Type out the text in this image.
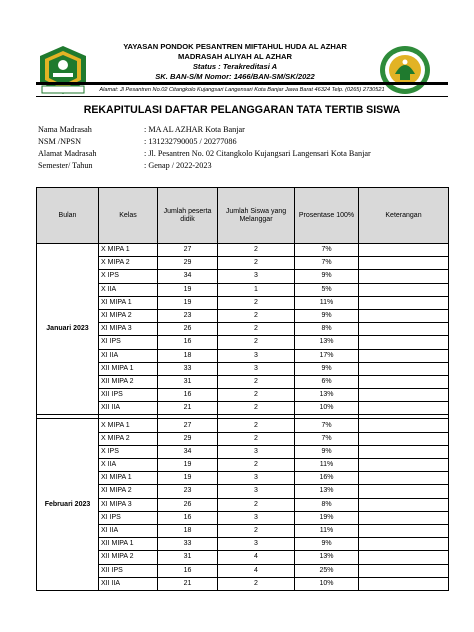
YAYASAN PONDOK PESANTREN MIFTAHUL HUDA AL AZHAR
MADRASAH ALIYAH AL AZHAR
Status : Terakreditasi A
SK. BAN-S/M Nomor: 1466/BAN-SM/SK/2022
Alamat: Jl Pesantren No.02 Citangkolo Kujangsari Langensari Kota Banjar Jawa Barat 46324 Telp. (0265) 2730521
REKAPITULASI DAFTAR PELANGGARAN TATA TERTIB SISWA
Nama Madrasah	: MA AL AZHAR Kota Banjar
NSM /NPSN	: 131232790005 / 20277086
Alamat Madrasah	: Jl. Pesantren No. 02 Citangkolo Kujangsari Langensari Kota Banjar
Semester/ Tahun	: Genap / 2022-2023
Bulan	Kelas	Jumlah peserta didik	Jumlah Siswa yang Melanggar	Prosentase 100%	Keterangan
Januari 2023	X MIPA 1	27	2	7%	
	X MIPA 2	29	2	7%	
	X IPS	34	3	9%	
	X IIA	19	1	5%	
	XI MIPA 1	19	2	11%	
	XI MIPA 2	23	2	9%	
	XI MIPA 3	26	2	8%	
	XI IPS	16	2	13%	
	XI IIA	18	3	17%	
	XII MIPA 1	33	3	9%	
	XII MIPA 2	31	2	6%	
	XII IPS	16	2	13%	
	XII IIA	21	2	10%	

Februari 2023	X MIPA 1	27	2	7%	
	X MIPA 2	29	2	7%	
	X IPS	34	3	9%	
	X IIA	19	2	11%	
	XI MIPA 1	19	3	16%	
	XI MIPA 2	23	3	13%	
	XI MIPA 3	26	2	8%	
	XI IPS	16	3	19%	
	XI IIA	18	2	11%	
	XII MIPA 1	33	3	9%	
	XII MIPA 2	31	4	13%	
	XII IPS	16	4	25%	
	XII IIA	21	2	10%	
